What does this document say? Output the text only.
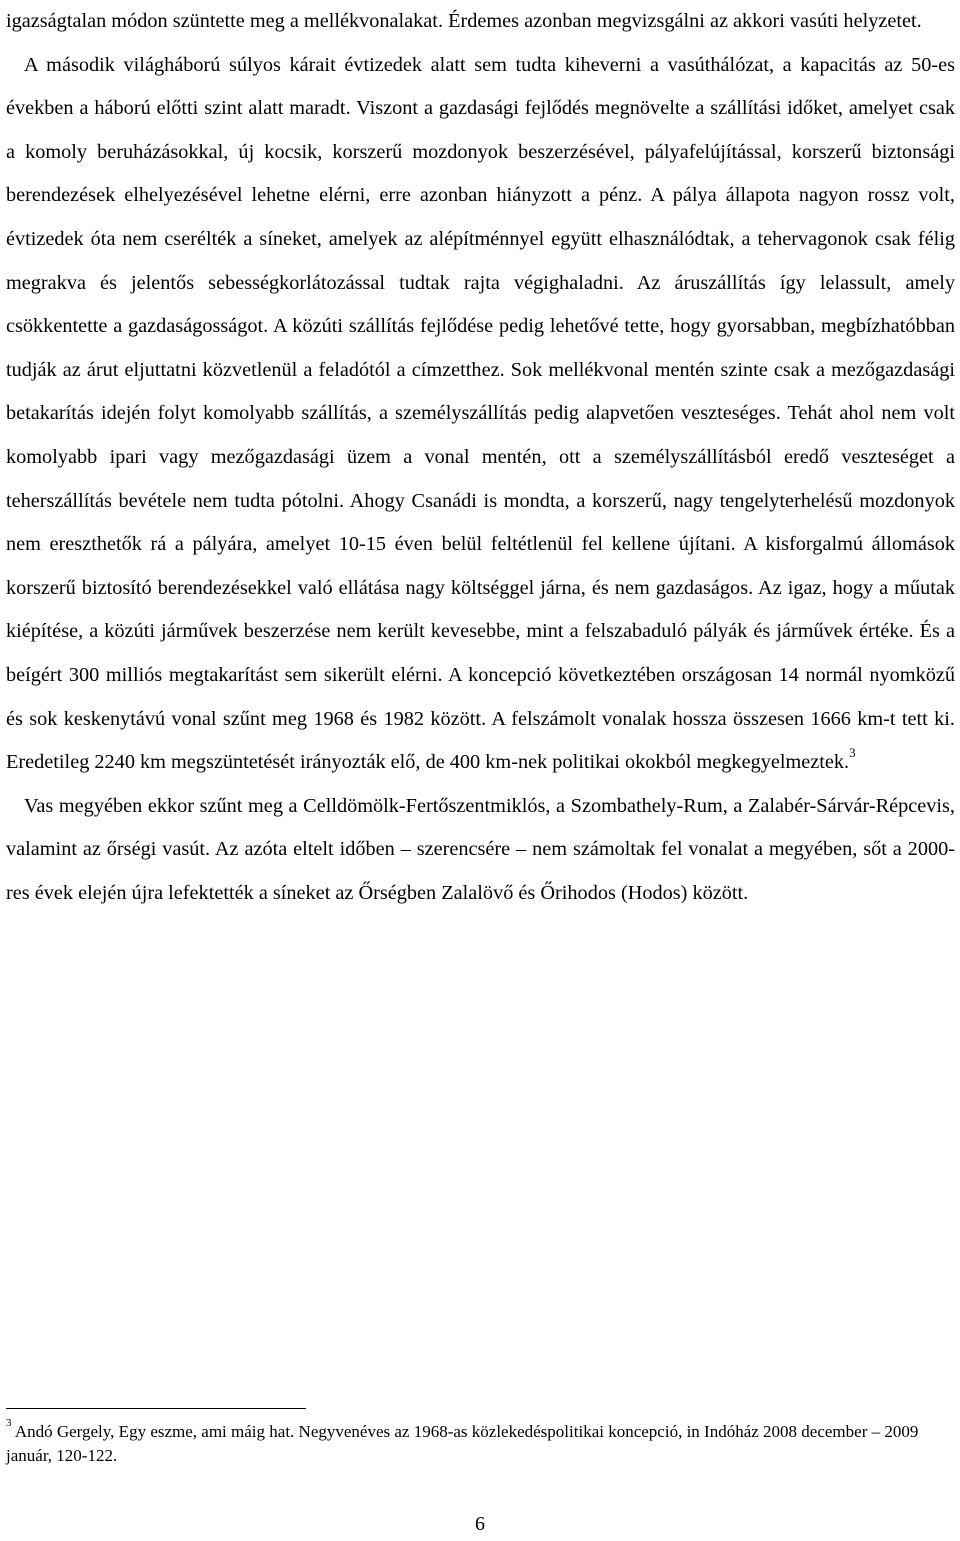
igazságtalan módon szüntette meg a mellékvonalakat. Érdemes azonban megvizsgálni az akkori vasúti helyzetet.

A második világháború súlyos kárait évtizedek alatt sem tudta kiheverni a vasúthálózat, a kapacitás az 50-es években a háború előtti szint alatt maradt. Viszont a gazdasági fejlődés megnövelte a szállítási időket, amelyet csak a komoly beruházásokkal, új kocsik, korszerű mozdonyok beszerzésével, pályafelújítással, korszerű biztonsági berendezések elhelyezésével lehetne elérni, erre azonban hiányzott a pénz. A pálya állapota nagyon rossz volt, évtizedek óta nem cserélték a síneket, amelyek az alépítménnyel együtt elhasználódtak, a tehervagonok csak félig megrakva és jelentős sebességkorlátozással tudtak rajta végighaladni. Az áruszállítás így lelassult, amely csökkentette a gazdaságosságot. A közúti szállítás fejlődése pedig lehetővé tette, hogy gyorsabban, megbízhatóbban tudják az árut eljuttatni közvetlenül a feladótól a címzetthez. Sok mellékvonal mentén szinte csak a mezőgazdasági betakarítás idején folyt komolyabb szállítás, a személyszállítás pedig alapvetően veszteséges. Tehát ahol nem volt komolyabb ipari vagy mezőgazdasági üzem a vonal mentén, ott a személyszállításból eredő veszteséget a teherszállítás bevétele nem tudta pótolni. Ahogy Csanádi is mondta, a korszerű, nagy tengelyterhelésű mozdonyok nem ereszthetők rá a pályára, amelyet 10-15 éven belül feltétlenül fel kellene újítani. A kisforgalmú állomások korszerű biztosító berendezésekkel való ellátása nagy költséggel járna, és nem gazdaságos. Az igaz, hogy a műutak kiépítése, a közúti járművek beszerzése nem került kevesebbe, mint a felszabaduló pályák és járművek értéke. És a beígért 300 milliós megtakarítást sem sikerült elérni. A koncepció következtében országosan 14 normál nyomközű és sok keskenytávú vonal szűnt meg 1968 és 1982 között. A felszámolt vonalak hossza összesen 1666 km-t tett ki. Eredetileg 2240 km megszüntetését irányozták elő, de 400 km-nek politikai okokból megkegyelmeztek.$^3$

Vas megyében ekkor szűnt meg a Celldömölk-Fertőszentmiklós, a Szombathely-Rum, a Zalabér-Sárvár-Répcevis, valamint az őrségi vasút. Az azóta eltelt időben – szerencsére – nem számoltak fel vonalat a megyében, sőt a 2000-res évek elején újra lefektették a síneket az Őrségben Zalalövő és Őrihodos (Hodos) között.

$^3$ Andó Gergely, Egy eszme, ami máig hat. Negyvenéves az 1968-as közlekedéspolitikai koncepció, in Indóház 2008 december – 2009 január, 120-122.
6
